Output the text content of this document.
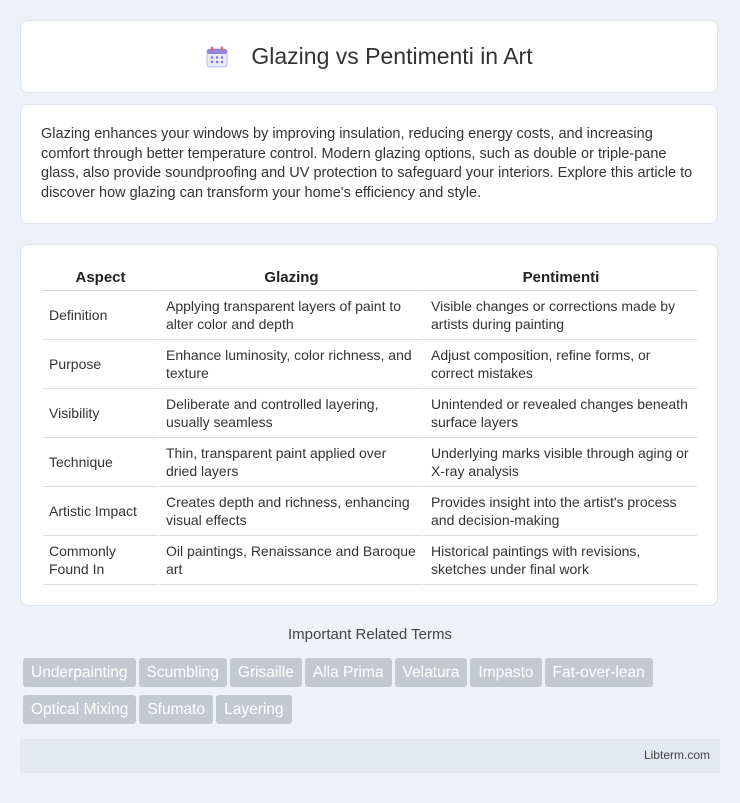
Glazing vs Pentimenti in Art

Glazing enhances your windows by improving insulation, reducing energy costs, and increasing comfort through better temperature control. Modern glazing options, such as double or triple-pane glass, also provide soundproofing and UV protection to safeguard your interiors. Explore this article to discover how glazing can transform your home's efficiency and style.

Aspect	Glazing	Pentimenti
Definition	Applying transparent layers of paint to alter color and depth	Visible changes or corrections made by artists during painting
Purpose	Enhance luminosity, color richness, and texture	Adjust composition, refine forms, or correct mistakes
Visibility	Deliberate and controlled layering, usually seamless	Unintended or revealed changes beneath surface layers
Technique	Thin, transparent paint applied over dried layers	Underlying marks visible through aging or X-ray analysis
Artistic Impact	Creates depth and richness, enhancing visual effects	Provides insight into the artist's process and decision-making
Commonly Found In	Oil paintings, Renaissance and Baroque art	Historical paintings with revisions, sketches under final work
Important Related Terms
Underpainting Scumbling Grisaille Alla Prima Velatura Impasto Fat-over-lean
Optical Mixing Sfumato Layering
Libterm.com
